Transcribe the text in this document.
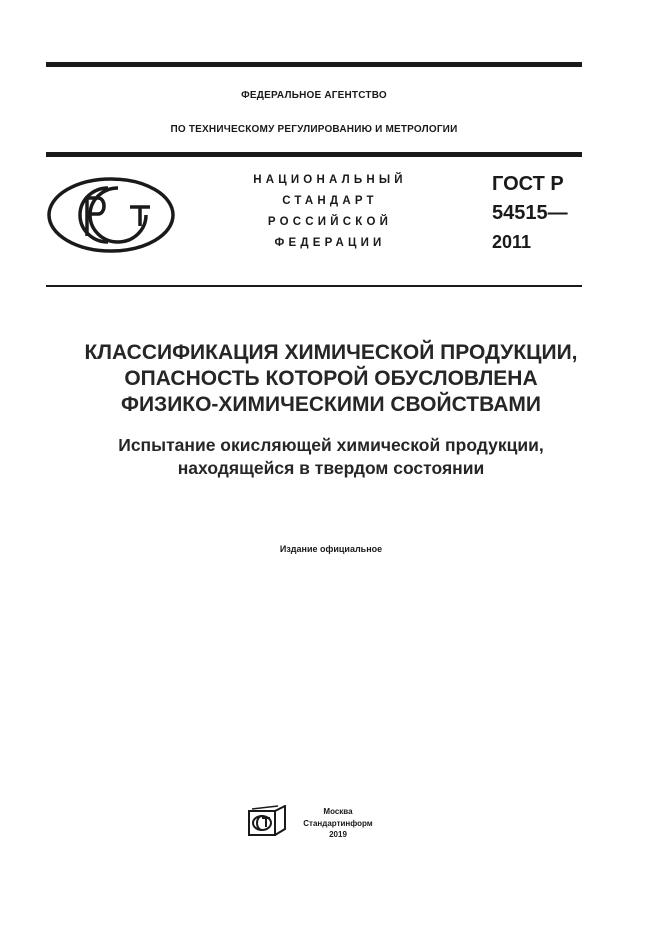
ФЕДЕРАЛЬНОЕ АГЕНТСТВО
ПО ТЕХНИЧЕСКОМУ РЕГУЛИРОВАНИЮ И МЕТРОЛОГИИ
НАЦИОНАЛЬНЫЙ
СТАНДАРТ
РОССИЙСКОЙ
ФЕДЕРАЦИИ
ГОСТ Р
54515—
2011
КЛАССИФИКАЦИЯ ХИМИЧЕСКОЙ ПРОДУКЦИИ,
ОПАСНОСТЬ КОТОРОЙ ОБУСЛОВЛЕНА
ФИЗИКО-ХИМИЧЕСКИМИ СВОЙСТВАМИ
Испытание окисляющей химической продукции,
находящейся в твердом состоянии
Издание официальное
Москва
Стандартинформ
2019
